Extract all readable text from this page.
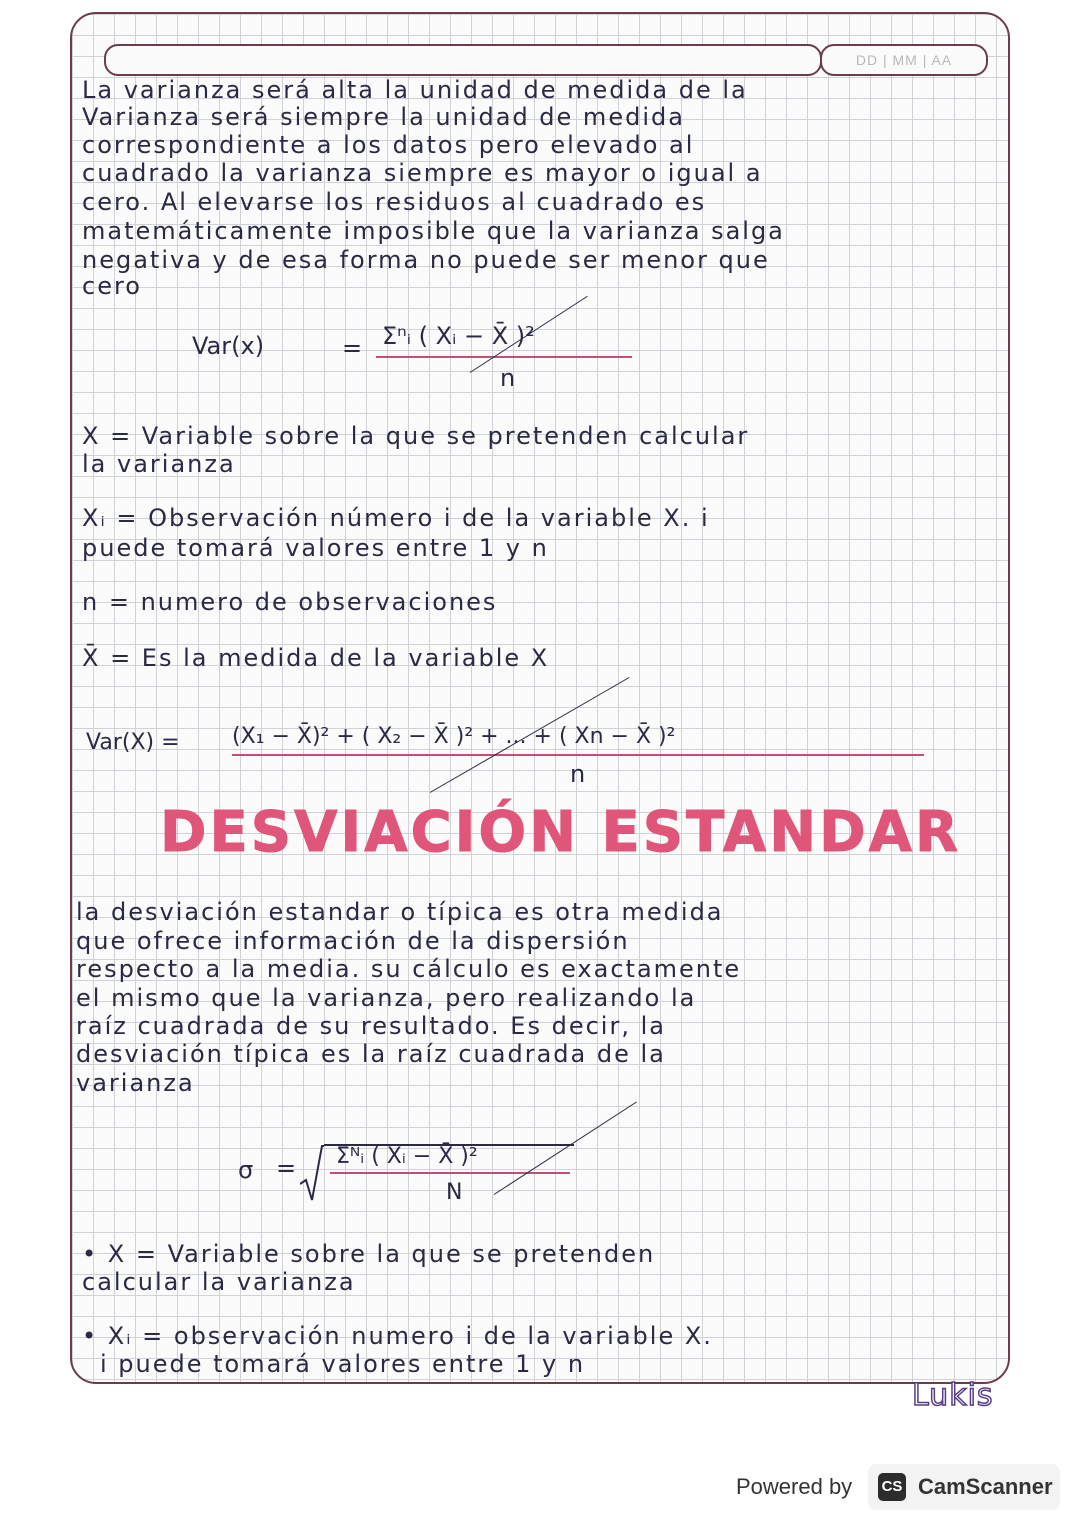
DD | MM | AA
La varianza será alta la unidad de medida de la
Varianza será siempre la unidad de medida
correspondiente a los datos pero elevado al
cuadrado la varianza siempre es mayor o igual a
cero. Al elevarse los residuos al cuadrado es
matemáticamente imposible que la varianza salga
negativa y de esa forma no puede ser menor que
cero
Var(x)	= Σⁿᵢ ( Xᵢ − X̄ )²
n
X = Variable sobre la que se pretenden calcular
la varianza
Xᵢ = Observación número i de la variable X. i
puede tomará valores entre 1 y n
n = numero de observaciones
X̄ = Es la medida de la variable X
Var(X) = (X₁ − X̄)² + ( X₂ − X̄ )² + ... + ( Xn − X̄ )²
n
DESVIACIÓN ESTANDAR
la desviación estandar o típica es otra medida
que ofrece información de la dispersión
respecto a la media. su cálculo es exactamente
el mismo que la varianza, pero realizando la
raíz cuadrada de su resultado. Es decir, la
desviación típica es la raíz cuadrada de la
varianza
σ = Σᴺᵢ ( Xᵢ − X̄ )²
N
• X = Variable sobre la que se pretenden
calcular la varianza
• Xᵢ = observación numero i de la variable X.
i puede tomará valores entre 1 y n
Lukis
Powered by CS CamScanner
